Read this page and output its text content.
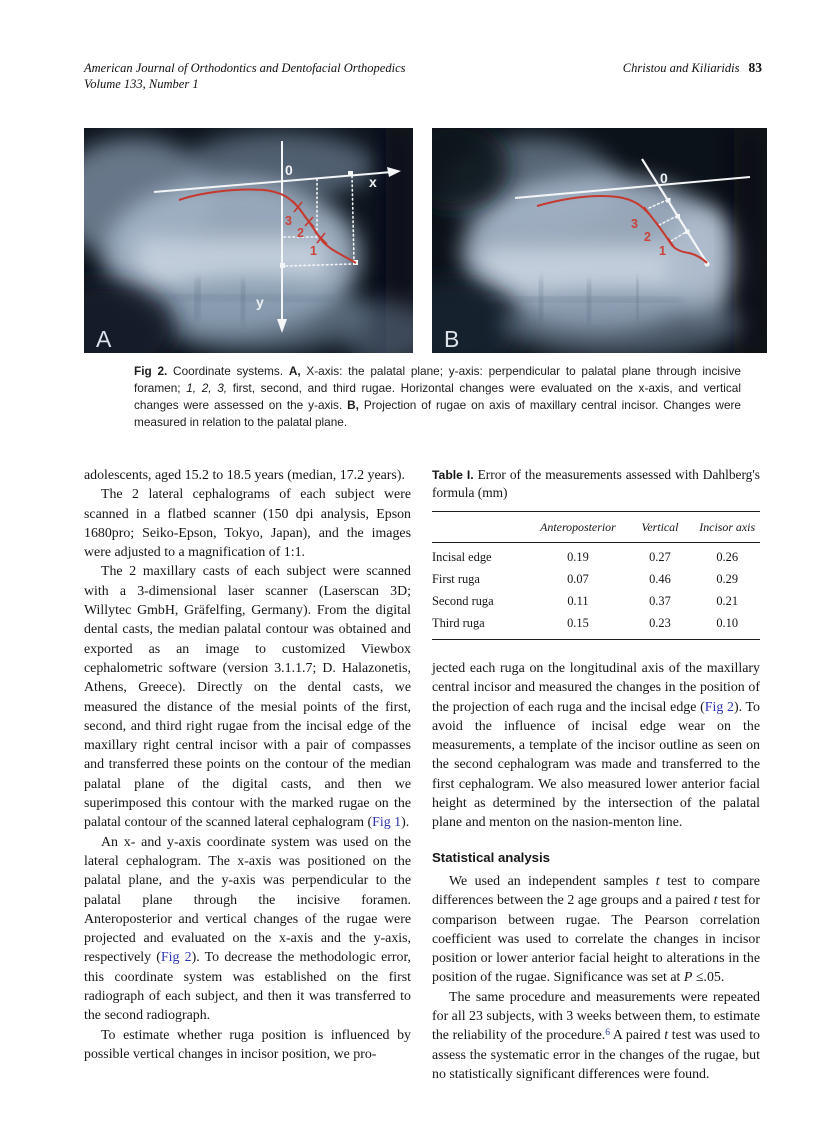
American Journal of Orthodontics and Dentofacial Orthopedics
Volume 133, Number 1
Christou and Kiliaridis 83
0
x
y
3
2
1
A
0
3
2
1
B
Fig 2. Coordinate systems. A, X-axis: the palatal plane; y-axis: perpendicular to palatal plane through incisive foramen; 1, 2, 3, first, second, and third rugae. Horizontal changes were evaluated on the x-axis, and vertical changes were assessed on the y-axis. B, Projection of rugae on axis of maxillary central incisor. Changes were measured in relation to the palatal plane.

adolescents, aged 15.2 to 18.5 years (median, 17.2 years).

The 2 lateral cephalograms of each subject were scanned in a flatbed scanner (150 dpi analysis, Epson 1680pro; Seiko-Epson, Tokyo, Japan), and the images were adjusted to a magnification of 1:1.

The 2 maxillary casts of each subject were scanned with a 3-dimensional laser scanner (Laserscan 3D; Willytec GmbH, Gräfelfing, Germany). From the digital dental casts, the median palatal contour was obtained and exported as an image to customized Viewbox cephalometric software (version 3.1.1.7; D. Halazonetis, Athens, Greece). Directly on the dental casts, we measured the distance of the mesial points of the first, second, and third right rugae from the incisal edge of the maxillary right central incisor with a pair of compasses and transferred these points on the contour of the median palatal plane of the digital casts, and then we superimposed this contour with the marked rugae on the palatal contour of the scanned lateral cephalogram (Fig 1).

An x- and y-axis coordinate system was used on the lateral cephalogram. The x-axis was positioned on the palatal plane, and the y-axis was perpendicular to the palatal plane through the incisive foramen. Anteroposterior and vertical changes of the rugae were projected and evaluated on the x-axis and the y-axis, respectively (Fig 2). To decrease the methodologic error, this coordinate system was established on the first radiograph of each subject, and then it was transferred to the second radiograph.

To estimate whether ruga position is influenced by possible vertical changes in incisor position, we pro-

Table I. Error of the measurements assessed with Dahlberg's formula (mm)
	Anteroposterior	Vertical	Incisor axis
Incisal edge	0.19	0.27	0.26
First ruga	0.07	0.46	0.29
Second ruga	0.11	0.37	0.21
Third ruga	0.15	0.23	0.10

jected each ruga on the longitudinal axis of the maxillary central incisor and measured the changes in the position of the projection of each ruga and the incisal edge (Fig 2). To avoid the influence of incisal edge wear on the measurements, a template of the incisor outline as seen on the second cephalogram was made and transferred to the first cephalogram. We also measured lower anterior facial height as determined by the intersection of the palatal plane and menton on the nasion-menton line.

Statistical analysis

We used an independent samples t test to compare differences between the 2 age groups and a paired t test for comparison between rugae. The Pearson correlation coefficient was used to correlate the changes in incisor position or lower anterior facial height to alterations in the position of the rugae. Significance was set at P ≤.05.

The same procedure and measurements were repeated for all 23 subjects, with 3 weeks between them, to estimate the reliability of the procedure.$^6$ A paired t test was used to assess the systematic error in the changes of the rugae, but no statistically significant differences were found.
